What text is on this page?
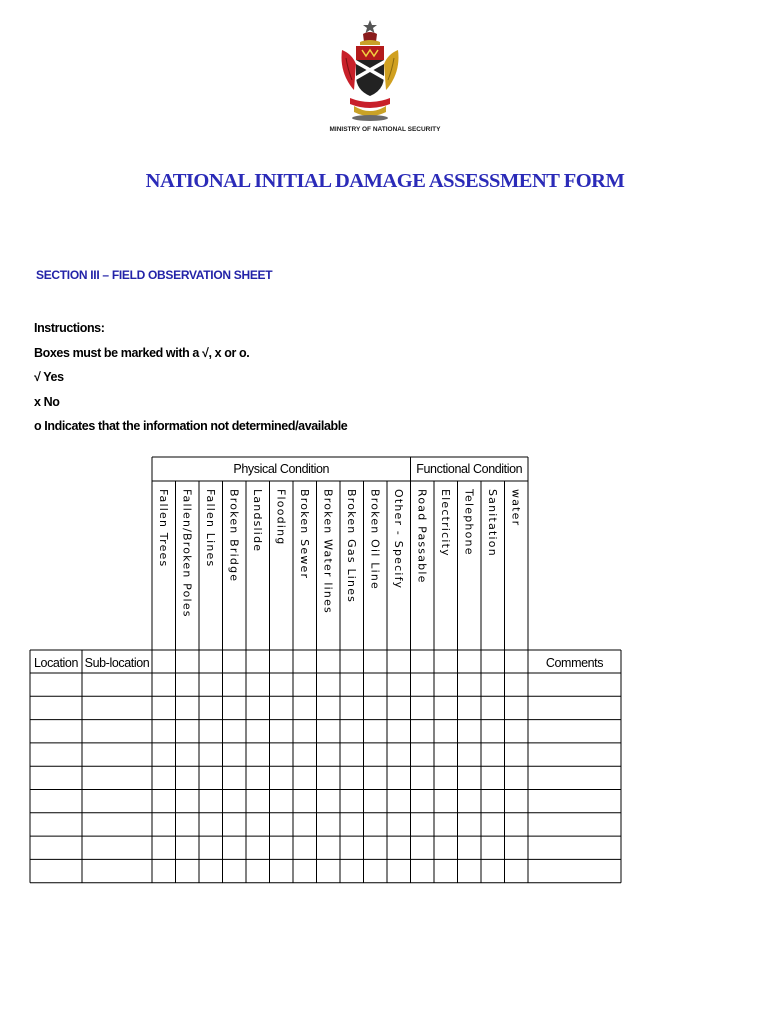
MINISTRY OF NATIONAL SECURITY
NATIONAL INITIAL DAMAGE ASSESSMENT FORM
SECTION III – FIELD OBSERVATION SHEET
Instructions:
Boxes must be marked with a √, x or o.
√ Yes
x No
o Indicates that the information not determined/available
Physical Condition	Functional Condition
Fallen Trees Fallen/Broken Poles Fallen Lines Broken Bridge Landslide Flooding Broken Sewer Broken Water lines Broken Gas Lines Broken Oil Line Other - Specify Road Passable Electricity Telephone Sanitation water
Location Sub-location	Comments
